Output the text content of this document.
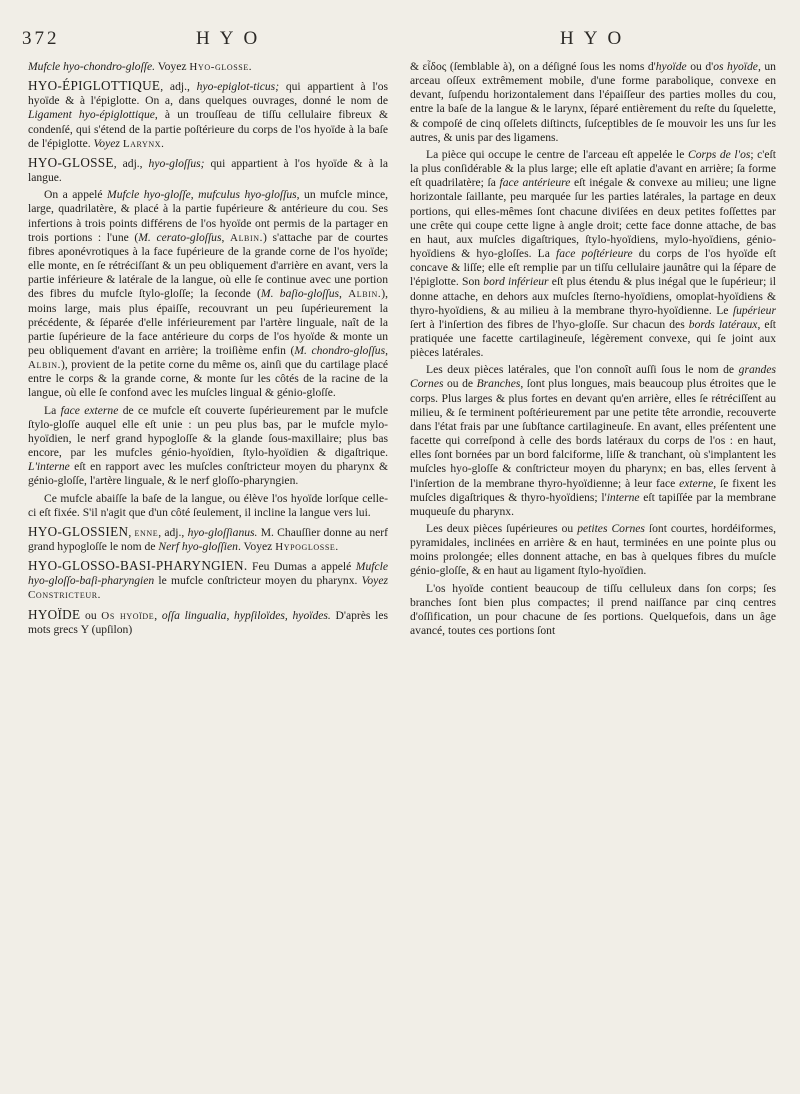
372	H Y O	H Y O

Mufcle hyo-chondro-gloſſe. Voyez Hyo-glosse.

HYO-ÉPIGLOTTIQUE, adj., hyo-epiglot-ticus; qui appartient à l'os hyoïde & à l'épiglotte. On a, dans quelques ouvrages, donné le nom de Ligament hyo-épiglottique, à un trouſſeau de tiſſu cellulaire fibreux & condenſé, qui s'étend de la partie poſtérieure du corps de l'os hyoïde à la baſe de l'épiglotte. Voyez Larynx.

HYO-GLOSSE, adj., hyo-gloſſus; qui appartient à l'os hyoïde & à la langue.

On a appelé Mufcle hyo-gloſſe, mufculus hyo-gloſſus, un mufcle mince, large, quadrilatère, & placé à la partie fupérieure & antérieure du cou. Ses infertions à trois points différens de l'os hyoïde ont permis de la partager en trois portions : l'une (M. cerato-gloſſus, Albin.) s'attache par de courtes fibres aponévrotiques à la face fupérieure de la grande corne de l'os hyoïde; elle monte, en ſe rétréciſſant & un peu obliquement d'arrière en avant, vers la partie inférieure & latérale de la langue, où elle ſe continue avec une portion des fibres du mufcle ſtylo-gloſſe; la ſeconde (M. baſio-gloſſus, Albin.), moins large, mais plus épaiſſe, recouvrant un peu ſupérieurement la précédente, & ſéparée d'elle inférieurement par l'artère linguale, naît de la partie ſupérieure de la face antérieure du corps de l'os hyoïde & monte un peu obliquement d'avant en arrière; la troiſième enfin (M. chondro-gloſſus, Albin.), provient de la petite corne du même os, ainſi que du cartilage placé entre le corps & la grande corne, & monte ſur les côtés de la racine de la langue, où elle ſe confond avec les muſcles lingual & génio-gloſſe.

La face externe de ce mufcle eſt couverte ſupérieurement par le mufcle ſtylo-gloſſe auquel elle eſt unie : un peu plus bas, par le mufcle mylo-hyoïdien, le nerf grand hypogloſſe & la glande ſous-maxillaire; plus bas encore, par les mufcles génio-hyoïdien, ſtylo-hyoïdien & digaſtrique. L'interne eſt en rapport avec les muſcles conſtricteur moyen du pharynx & génio-gloſſe, l'artère linguale, & le nerf gloſſo-pharyngien.

Ce mufcle abaiſſe la baſe de la langue, ou élève l'os hyoïde lorſque celle-ci eſt fixée. S'il n'agit que d'un côté ſeulement, il incline la langue vers lui.

HYO-GLOSSIEN, enne, adj., hyo-gloſſianus. M. Chauſſier donne au nerf grand hypogloſſe le nom de Nerf hyo-gloſſien. Voyez Hypoglosse.

HYO-GLOSSO-BASI-PHARYNGIEN. Feu Dumas a appelé Mufcle hyo-gloſſo-baſi-pharyngien le mufcle conſtricteur moyen du pharynx. Voyez Constricteur.

HYOÏDE ou Os hyoïde, oſſa lingualia, hypſiloïdes, hyoïdes. D'après les mots grecs Υ (upſilon)

& εἶδος (ſemblable à), on a déſigné ſous les noms d'hyoïde ou d'os hyoïde, un arceau oſſeux extrêmement mobile, d'une forme parabolique, convexe en devant, ſuſpendu horizontalement dans l'épaiſſeur des parties molles du cou, entre la baſe de la langue & le larynx, ſéparé entièrement du reſte du ſquelette, & compoſé de cinq oſſelets diſtincts, ſuſceptibles de ſe mouvoir les uns ſur les autres, & unis par des ligamens.

La pièce qui occupe le centre de l'arceau eſt appelée le Corps de l'os; c'eſt la plus conſidérable & la plus large; elle eſt aplatie d'avant en arrière; ſa forme eſt quadrilatère; ſa face antérieure eſt inégale & convexe au milieu; une ligne horizontale ſaillante, peu marquée ſur les parties latérales, la partage en deux portions, qui elles-mêmes ſont chacune diviſées en deux petites foſſettes par une crête qui coupe cette ligne à angle droit; cette face donne attache, de bas en haut, aux muſcles digaſtriques, ſtylo-hyoïdiens, mylo-hyoïdiens, génio-hyoïdiens & hyo-gloſſes. La face poſtérieure du corps de l'os hyoïde eſt concave & liſſe; elle eſt remplie par un tiſſu cellulaire jaunâtre qui la ſépare de l'épiglotte. Son bord inférieur eſt plus étendu & plus inégal que le ſupérieur; il donne attache, en dehors aux muſcles ſterno-hyoïdiens, omoplat-hyoïdiens & thyro-hyoïdiens, & au milieu à la membrane thyro-hyoïdienne. Le ſupérieur ſert à l'inſertion des fibres de l'hyo-gloſſe. Sur chacun des bords latéraux, eſt pratiquée une facette cartilagineuſe, légèrement convexe, qui ſe joint aux pièces latérales.

Les deux pièces latérales, que l'on connoît auſſi ſous le nom de grandes Cornes ou de Branches, ſont plus longues, mais beaucoup plus étroites que le corps. Plus larges & plus fortes en devant qu'en arrière, elles ſe rétréciſſent au milieu, & ſe terminent poſtérieurement par une petite tête arrondie, recouverte dans l'état frais par une ſubſtance cartilagineuſe. En avant, elles préſentent une facette qui correſpond à celle des bords latéraux du corps de l'os : en haut, elles ſont bornées par un bord falciforme, liſſe & tranchant, où s'implantent les muſcles hyo-gloſſe & conſtricteur moyen du pharynx; en bas, elles ſervent à l'inſertion de la membrane thyro-hyoïdienne; à leur face externe, ſe fixent les muſcles digaſtriques & thyro-hyoïdiens; l'interne eſt tapiſſée par la membrane muqueuſe du pharynx.

Les deux pièces ſupérieures ou petites Cornes ſont courtes, hordéiformes, pyramidales, inclinées en arrière & en haut, terminées en une pointe plus ou moins prolongée; elles donnent attache, en bas à quelques fibres du muſcle génio-gloſſe, & en haut au ligament ſtylo-hyoïdien.

L'os hyoïde contient beaucoup de tiſſu celluleux dans ſon corps; ſes branches ſont bien plus compactes; il prend naiſſance par cinq centres d'oſſification, un pour chacune de ſes portions. Quelquefois, dans un âge avancé, toutes ces portions ſont
